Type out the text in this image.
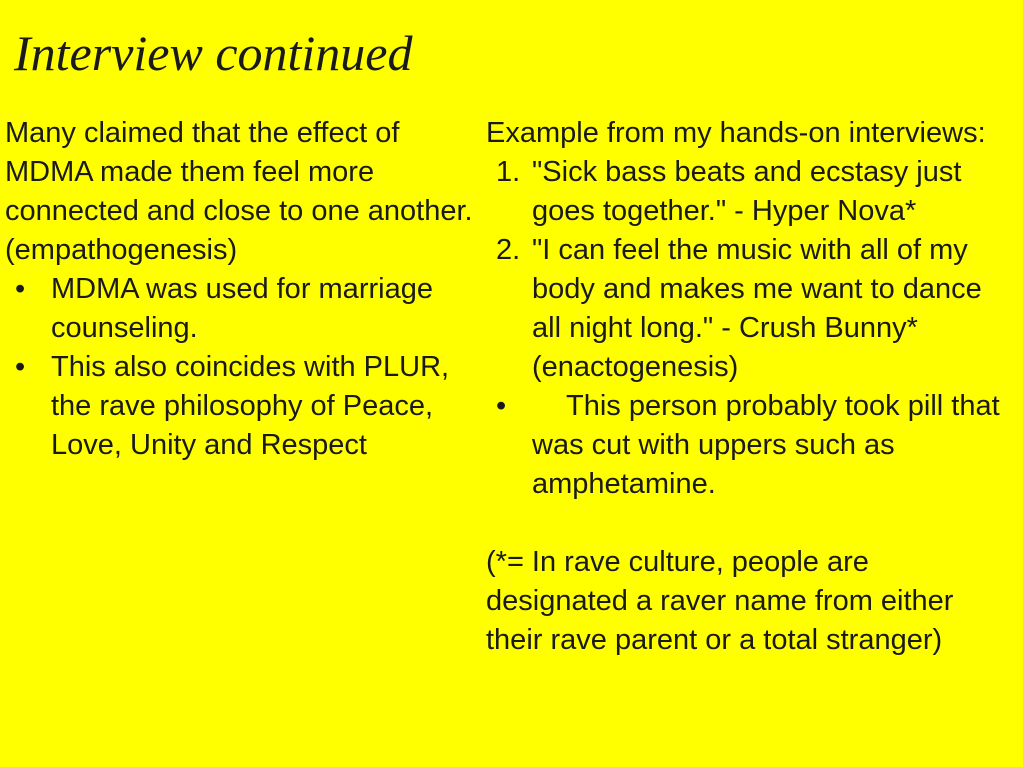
Interview continued
Many claimed that the effect of MDMA made them feel more connected and close to one another. (empathogenesis)
• MDMA was used for marriage counseling.
• This also coincides with PLUR, the rave philosophy of Peace, Love, Unity and Respect
Example from my hands-on interviews:
1. "Sick bass beats and ecstasy just goes together." - Hyper Nova*
2. "I can feel the music with all of my body and makes me want to danceall night long." - Crush Bunny* (enactogenesis)
• This person probably took pill that was cut with uppers such as amphetamine.
(*= In rave culture, people are designated a raver name from either their rave parent or a total stranger)
